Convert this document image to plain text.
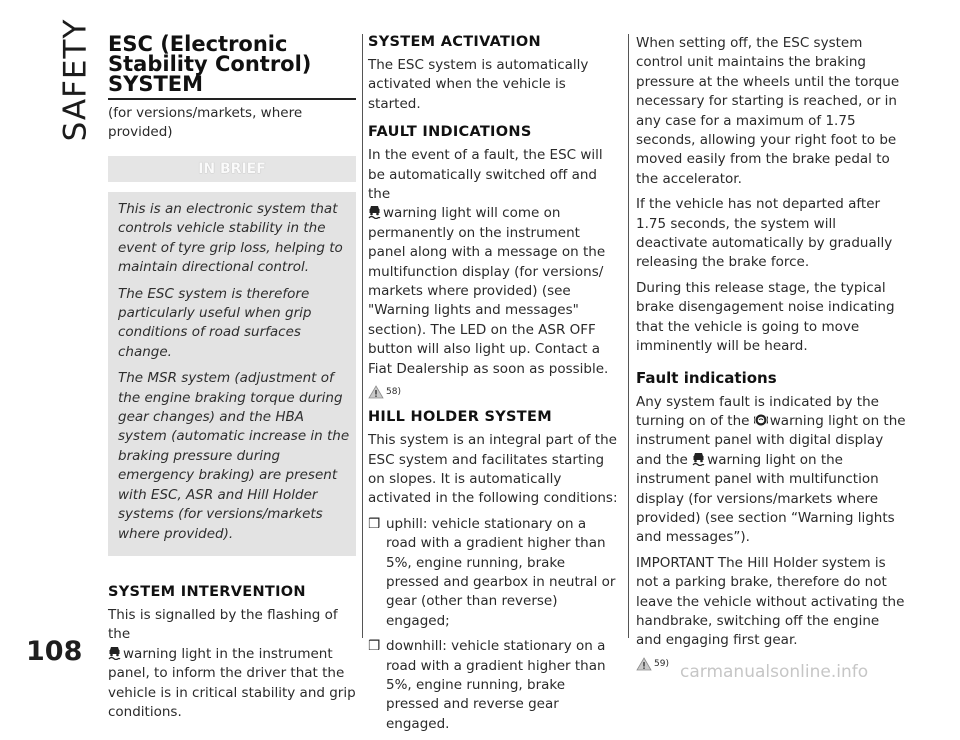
SAFETY
108
carmanualsonline.info
ESC (Electronic
Stability Control)
SYSTEM

(for versions/markets, where provided)

IN BRIEF

This is an electronic system that controls vehicle stability in the event of tyre grip loss, helping to maintain directional control.

The ESC system is therefore particularly useful when grip conditions of road surfaces change.

The MSR system (adjustment of the engine braking torque during gear changes) and the HBA system (automatic increase in the braking pressure during emergency braking) are present with ESC, ASR and Hill Holder systems (for versions/markets where provided).

SYSTEM INTERVENTION

This is signalled by the flashing of the
warning light in the instrument panel, to inform the driver that the vehicle is in critical stability and grip conditions.

SYSTEM ACTIVATION

The ESC system is automatically activated when the vehicle is started.

FAULT INDICATIONS

In the event of a fault, the ESC will be automatically switched off and the
warning light will come on permanently on the instrument panel along with a message on the multifunction display (for versions/ markets where provided) (see "Warning lights and messages" section). The LED on the ASR OFF button will also light up. Contact a Fiat Dealership as soon as possible.

58)
HILL HOLDER SYSTEM

This system is an integral part of the ESC system and facilitates starting on slopes. It is automatically activated in the following conditions:

❒ uphill: vehicle stationary on a road with a gradient higher than 5%, engine running, brake pressed and gearbox in neutral or gear (other than reverse) engaged;
❒ downhill: vehicle stationary on a road with a gradient higher than 5%, engine running, brake pressed and reverse gear engaged.

When setting off, the ESC system control unit maintains the braking pressure at the wheels until the torque necessary for starting is reached, or in any case for a maximum of 1.75 seconds, allowing your right foot to be moved easily from the brake pedal to the accelerator.

If the vehicle has not departed after 1.75 seconds, the system will deactivate automatically by gradually releasing the brake force.

During this release stage, the typical brake disengagement noise indicating that the vehicle is going to move imminently will be heard.

Fault indications

Any system fault is indicated by the turning on of the warning light on the instrument panel with digital display and the warning light on the instrument panel with multifunction display (for versions/markets where provided) (see section “Warning lights and messages”).

IMPORTANT The Hill Holder system is not a parking brake, therefore do not leave the vehicle without activating the handbrake, switching off the engine and engaging first gear.

59)
